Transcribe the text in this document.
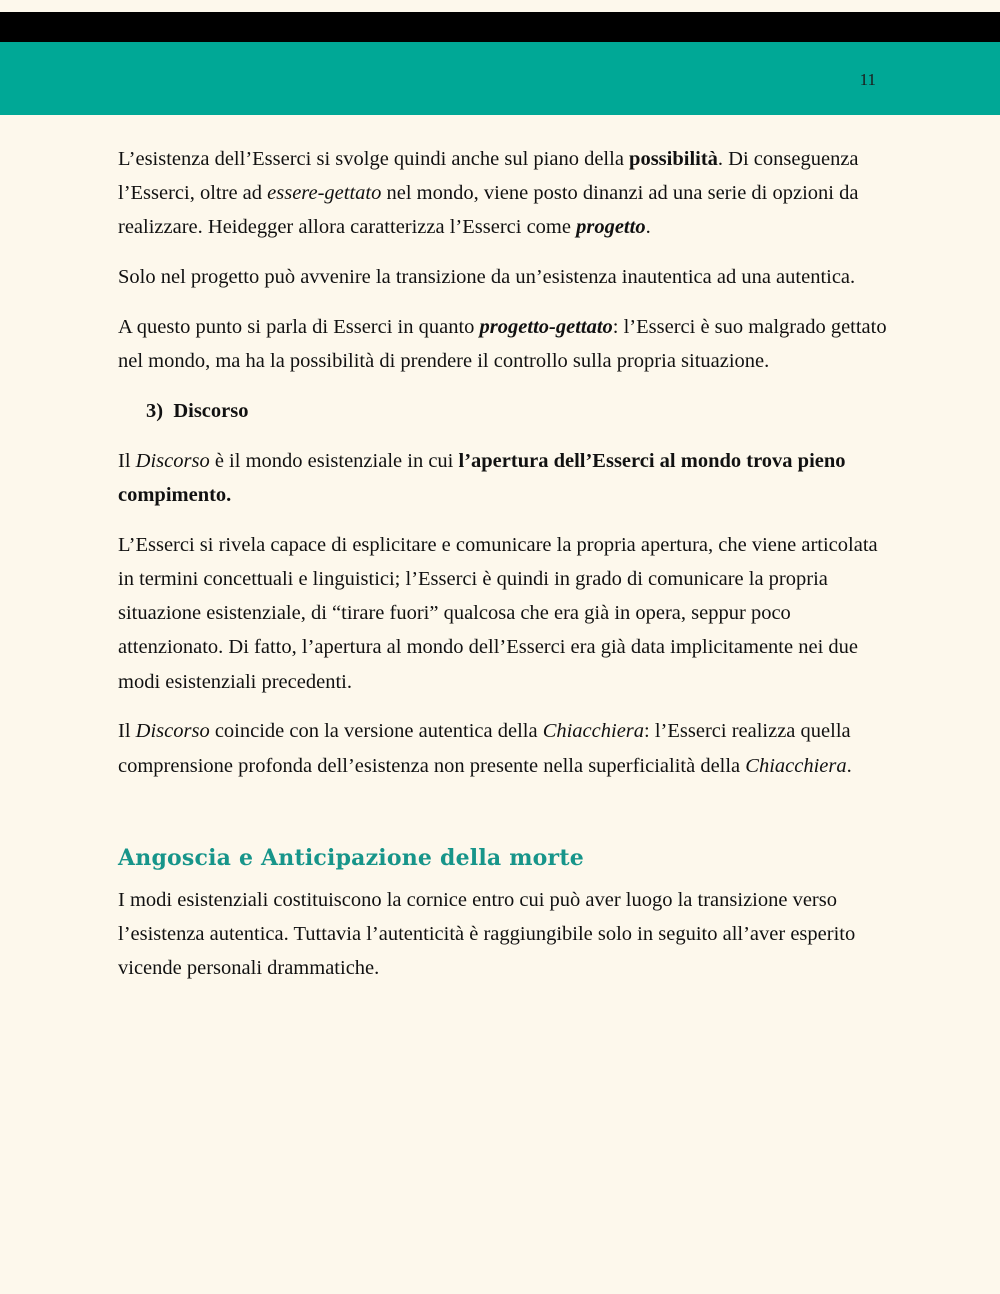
11

L’esistenza dell’Esserci si svolge quindi anche sul piano della possibilità. Di conseguenza l’Esserci, oltre ad essere-gettato nel mondo, viene posto dinanzi ad una serie di opzioni da realizzare. Heidegger allora caratterizza l’Esserci come progetto.

Solo nel progetto può avvenire la transizione da un’esistenza inautentica ad una autentica.

A questo punto si parla di Esserci in quanto progetto-gettato: l’Esserci è suo malgrado gettato nel mondo, ma ha la possibilità di prendere il controllo sulla propria situazione.

3) Discorso

Il Discorso è il mondo esistenziale in cui l’apertura dell’Esserci al mondo trova pieno compimento.

L’Esserci si rivela capace di esplicitare e comunicare la propria apertura, che viene articolata in termini concettuali e linguistici; l’Esserci è quindi in grado di comunicare la propria situazione esistenziale, di “tirare fuori” qualcosa che era già in opera, seppur poco attenzionato. Di fatto, l’apertura al mondo dell’Esserci era già data implicitamente nei due modi esistenziali precedenti.

Il Discorso coincide con la versione autentica della Chiacchiera: l’Esserci realizza quella comprensione profonda dell’esistenza non presente nella superficialità della Chiacchiera.

Angoscia e Anticipazione della morte

I modi esistenziali costituiscono la cornice entro cui può aver luogo la transizione verso l’esistenza autentica. Tuttavia l’autenticità è raggiungibile solo in seguito all’aver esperito vicende personali drammatiche.
